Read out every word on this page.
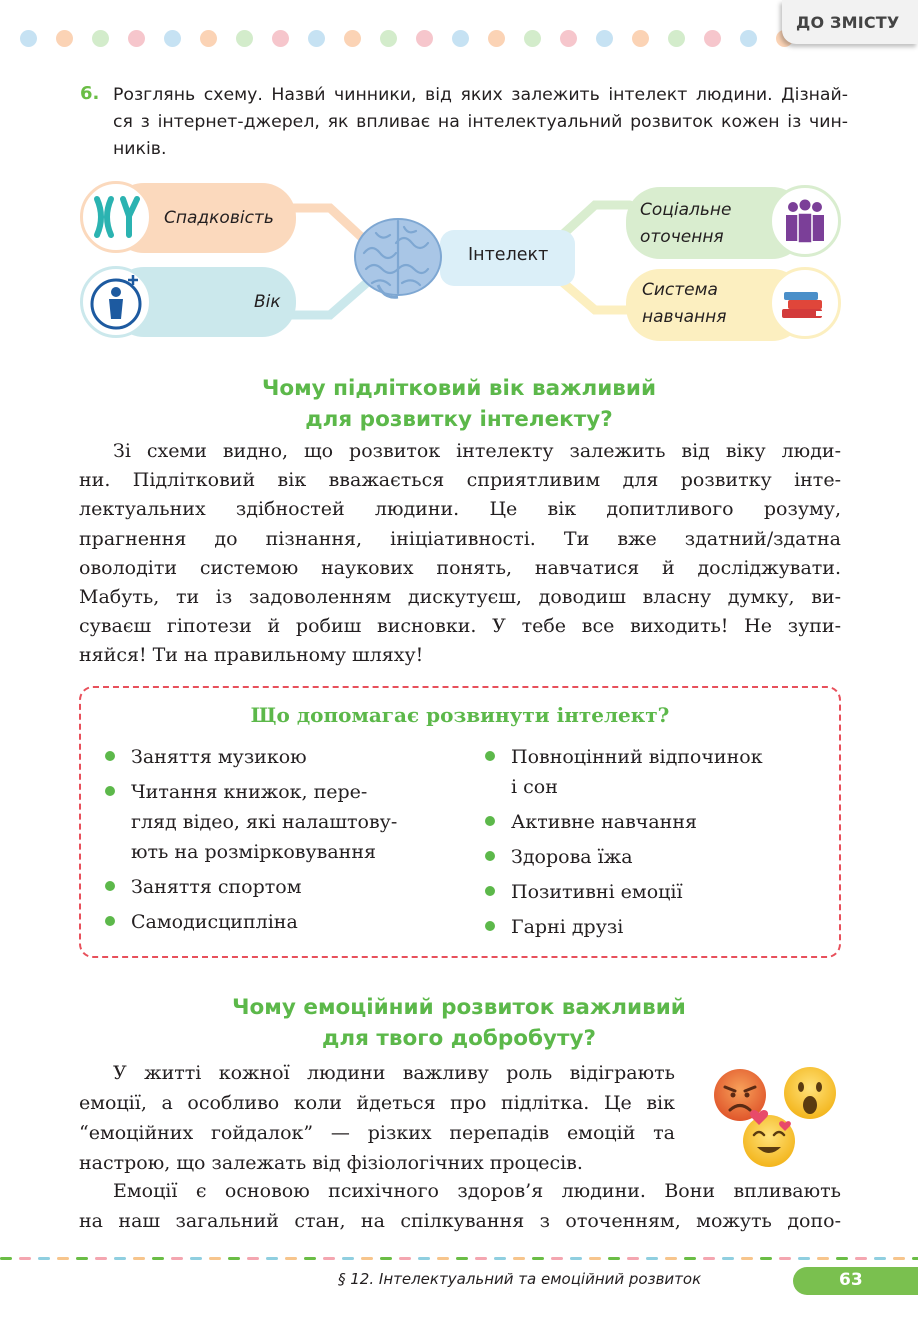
ДО ЗМІСТУ
6. Розглянь схему. Назви́ чинники, від яких залежить інтелект людини. Дізнай-
ся з інтернет-джерел, як впливає на інтелектуальний розвиток кожен із чин-
ників.
Спадковість
Вік
Інтелект
Соціальне
оточення
Система
навчання
Чому підлітковий вік важливий
для розвитку інтелекту?
Зі схеми видно, що розвиток інтелекту залежить від віку люди-
ни. Підлітковий вік вважається сприятливим для розвитку інте-
лектуальних здібностей людини. Це вік допитливого розуму,
прагнення до пізнання, ініціативності. Ти вже здатний/здатна
оволодіти системою наукових понять, навчатися й досліджувати.
Мабуть, ти із задоволенням дискутуєш, доводиш власну думку, ви-
суваєш гіпотези й робиш висновки. У тебе все виходить! Не зупи-
няйся! Ти на правильному шляху!
Що допомагає розвинути інтелект?
Заняття музикою
Читання книжок, пере-
гляд відео, які налаштову-
ють на розмірковування
Заняття спортом
Самодисципліна
Повноцінний відпочинок
і сон
Активне навчання
Здорова їжа
Позитивні емоції
Гарні друзі
Чому емоційний розвиток важливий
для твого добробуту?
У житті кожної людини важливу роль відіграють
емоції, а особливо коли йдеться про підлітка. Це вік
“емоційних гойдалок” — різких перепадів емоцій та
настрою, що залежать від фізіологічних процесів.
Емоції є основою психічного здоров’я людини. Вони впливають
на наш загальний стан, на спілкування з оточенням, можуть допо-
§ 12. Інтелектуальний та емоційний розвиток	63
